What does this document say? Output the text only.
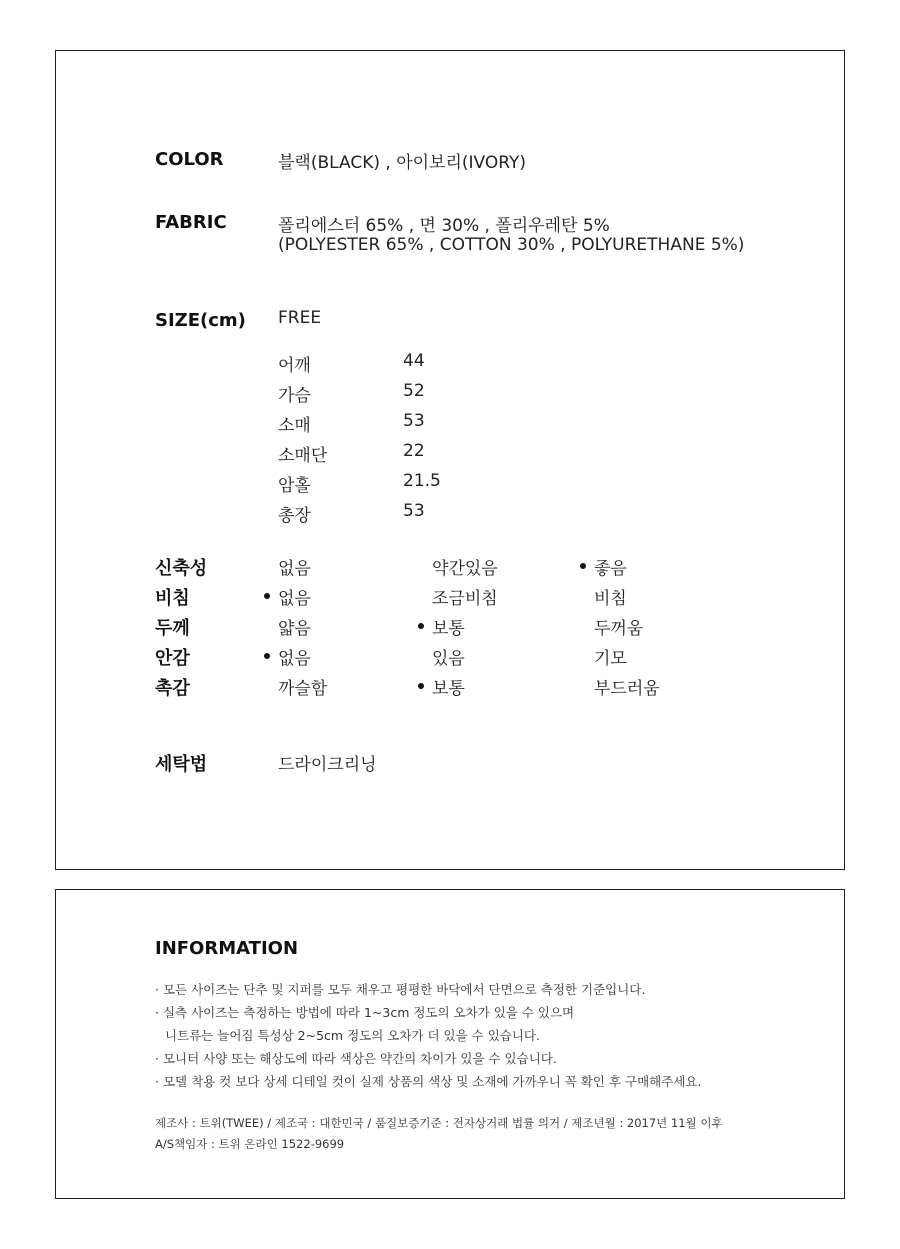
COLOR	블랙(BLACK) , 아이보리(IVORY)
FABRIC	폴리에스터 65% , 면 30% , 폴리우레탄 5%
(POLYESTER 65% , COTTON 30% , POLYURETHANE 5%)
SIZE(cm) FREE
어깨	44
가슴	52
소매	53
소매단	22
암홀	21.5
총장	53
신축성	없음	약간있음	좋음
비침	없음	조금비침	비침
두께	얇음	보통	두꺼움
안감	없음	있음	기모
촉감	까슬함	보통	부드러움
세탁법	드라이크리닝
INFORMATION
· 모든 사이즈는 단추 및 지퍼를 모두 채우고 평평한 바닥에서 단면으로 측정한 기준입니다.
· 실측 사이즈는 측정하는 방법에 따라 1~3cm 정도의 오차가 있을 수 있으며
니트류는 늘어짐 특성상 2~5cm 정도의 오차가 더 있을 수 있습니다.
· 모니터 사양 또는 해상도에 따라 색상은 약간의 차이가 있을 수 있습니다.
· 모델 착용 컷 보다 상세 디테일 컷이 실제 상품의 색상 및 소재에 가까우니 꼭 확인 후 구매해주세요.
제조사 : 트위(TWEE) / 제조국 : 대한민국 / 품질보증기준 : 전자상거래 법률 의거 / 제조년월 : 2017년 11월 이후
A/S책임자 : 트위 온라인 1522-9699
